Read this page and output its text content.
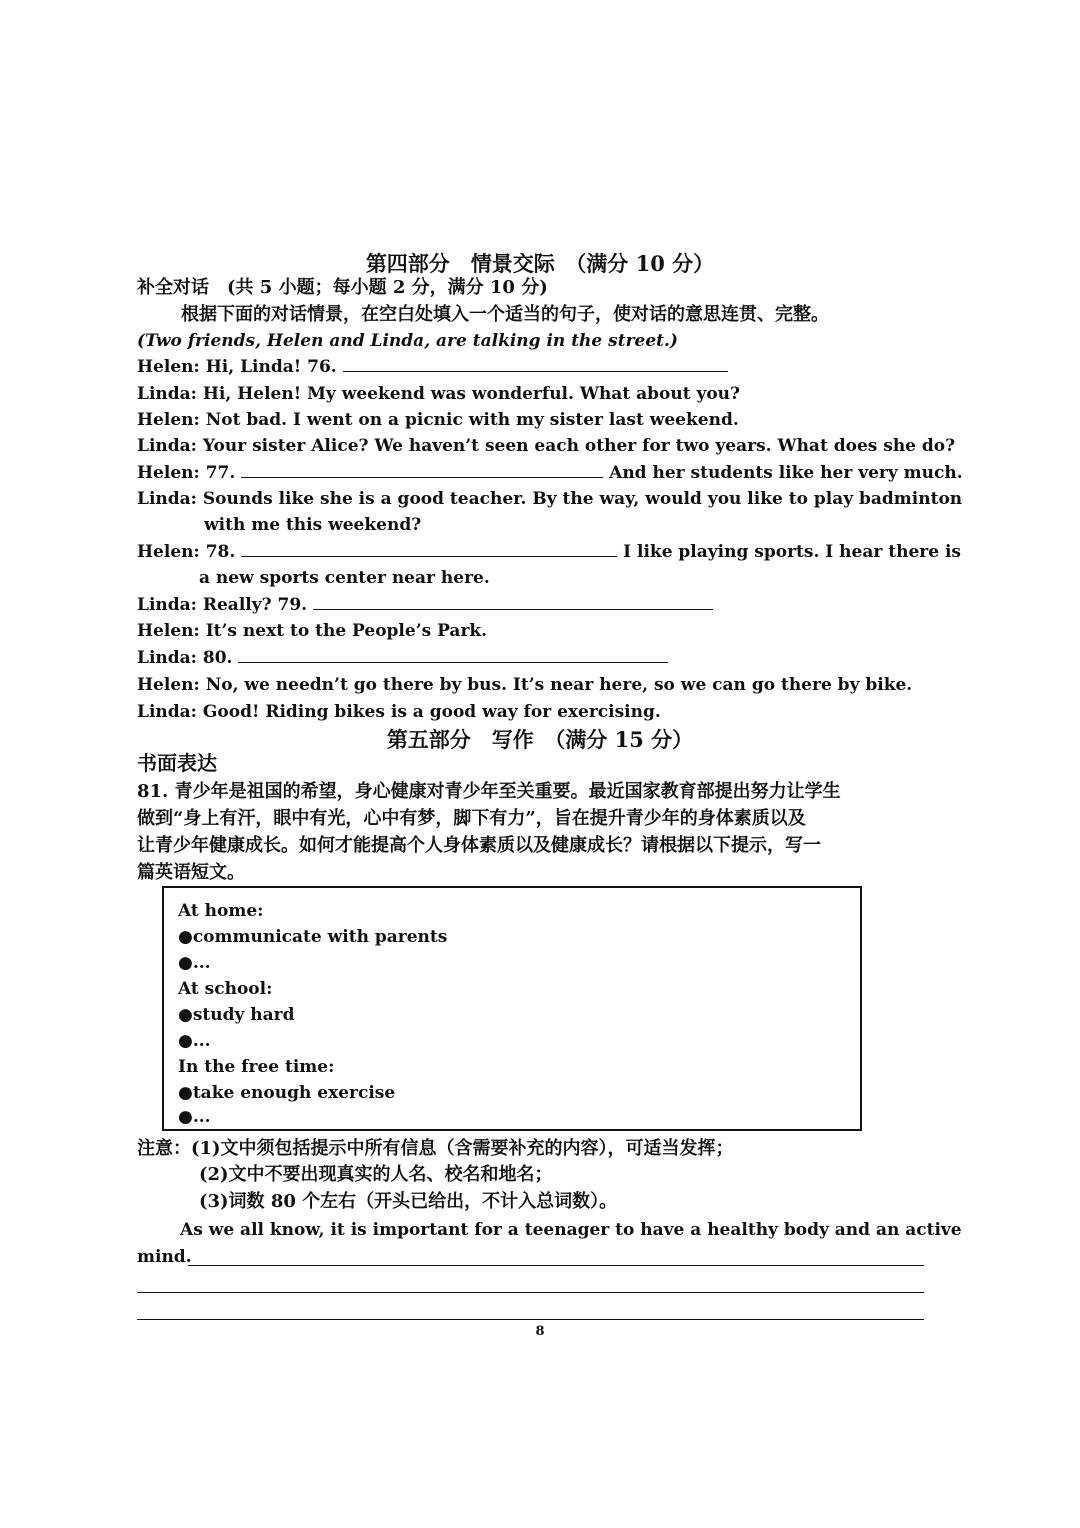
第四部分　情景交际　（满分 10 分）
补全对话　(共 5 小题；每小题 2 分，满分 10 分)
根据下面的对话情景，在空白处填入一个适当的句子，使对话的意思连贯、完整。
(Two friends, Helen and Linda, are talking in the street.)
Helen: Hi, Linda! 76.
Linda: Hi, Helen! My weekend was wonderful. What about you?
Helen: Not bad. I went on a picnic with my sister last weekend.
Linda: Your sister Alice? We haven’t seen each other for two years. What does she do?
Helen: 77.	And her students like her very much.
Linda: Sounds like she is a good teacher. By the way, would you like to play badminton
with me this weekend?
Helen: 78.	I like playing sports. I hear there is
a new sports center near here.
Linda: Really? 79.
Helen: It’s next to the People’s Park.
Linda: 80.
Helen: No, we needn’t go there by bus. It’s near here, so we can go there by bike.
Linda: Good! Riding bikes is a good way for exercising.
第五部分　写作　（满分 15 分）
书面表达
81. 青少年是祖国的希望，身心健康对青少年至关重要。最近国家教育部提出努力让学生
做到“身上有汗，眼中有光，心中有梦，脚下有力”，旨在提升青少年的身体素质以及
让青少年健康成长。如何才能提高个人身体素质以及健康成长？请根据以下提示，写一
篇英语短文。
At home:
●communicate with parents
●...
At school:
●study hard
●...
In the free time:
●take enough exercise
●...
注意：(1)文中须包括提示中所有信息（含需要补充的内容），可适当发挥；
(2)文中不要出现真实的人名、校名和地名；
(3)词数 80 个左右（开头已给出，不计入总词数）。
As we all know, it is important for a teenager to have a healthy body and an active
mind.
8
